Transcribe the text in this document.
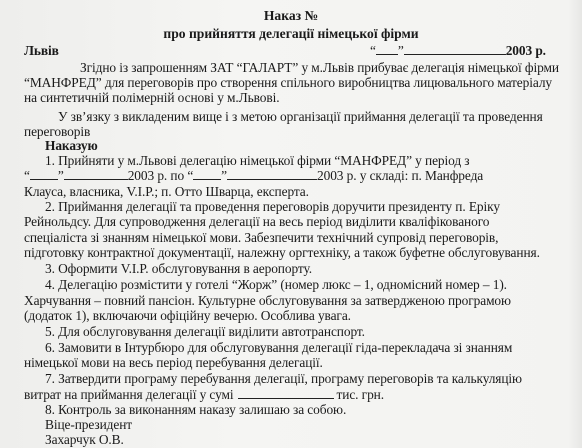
Наказ №
про прийняття делегації німецької фірми
Львів	“ ”	2003 р.
Згідно із запрошенням ЗАТ “ГАЛАРТ” у м.Львів прибуває делегація німецької фірми
“МАНФРЕД” для переговорів про створення спільного виробництва лицювального матеріалу
на синтетичній полімерній основі у м.Львові.
У зв’язку з викладеним вище і з метою організації приймання делегації та проведення
переговорів
Наказую
1. Прийняти у м.Львові делегацію німецької фірми “МАНФРЕД” у період з
“ ”	2003 р. по “ ”	2003 р. у складі: п. Манфреда
Клауса, власника, V.I.P.; п. Отто Шварца, експерта.
2. Приймання делегації та проведення переговорів доручити президенту п. Еріку
Рейнольдсу. Для супроводження делегації на весь період виділити кваліфікованого
спеціаліста зі знанням німецької мови. Забезпечити технічний супровід переговорів,
підготовку контрактної документації, належну оргтехніку, а також буфетне обслуговування.
3. Оформити V.I.P. обслуговування в аеропорту.
4. Делегацію розмістити у готелі “Жорж” (номер люкс – 1, одномісний номер – 1).
Харчування – повний пансіон. Культурне обслуговування за затвердженою програмою
(додаток 1), включаючи офіційну вечерю. Особлива увага.
5. Для обслуговування делегації виділити автотранспорт.
6. Замовити в Інтурбюро для обслуговування делегації гіда-перекладача зі знанням
німецької мови на весь період перебування делегації.
7. Затвердити програму перебування делегації, програму переговорів та калькуляцію
витрат на приймання делегації у сумі	тис. грн.
8. Контроль за виконанням наказу залишаю за собою.
Віце-президент
Захарчук О.В.
